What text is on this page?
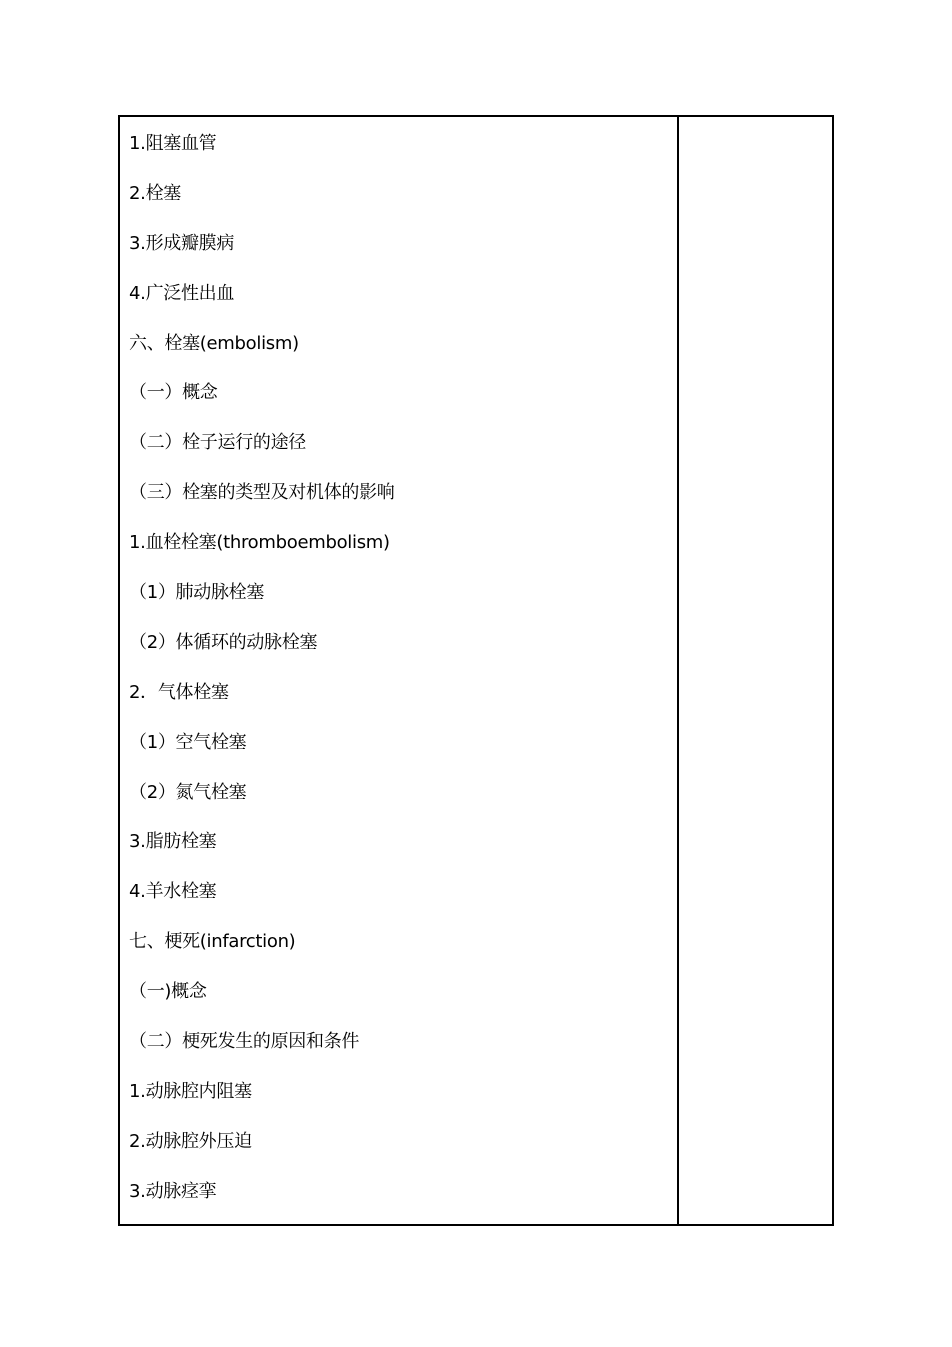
1.阻塞血管
2.栓塞
3.形成瓣膜病
4.广泛性出血
六、栓塞(embolism)
（一）概念
（二）栓子运行的途径
（三）栓塞的类型及对机体的影响
1.血栓栓塞(thromboembolism)
（1）肺动脉栓塞
（2）体循环的动脉栓塞
2．气体栓塞
（1）空气栓塞
（2）氮气栓塞
3.脂肪栓塞
4.羊水栓塞
七、梗死(infarction)
（一)概念
（二）梗死发生的原因和条件
1.动脉腔内阻塞
2.动脉腔外压迫
3.动脉痉挛
